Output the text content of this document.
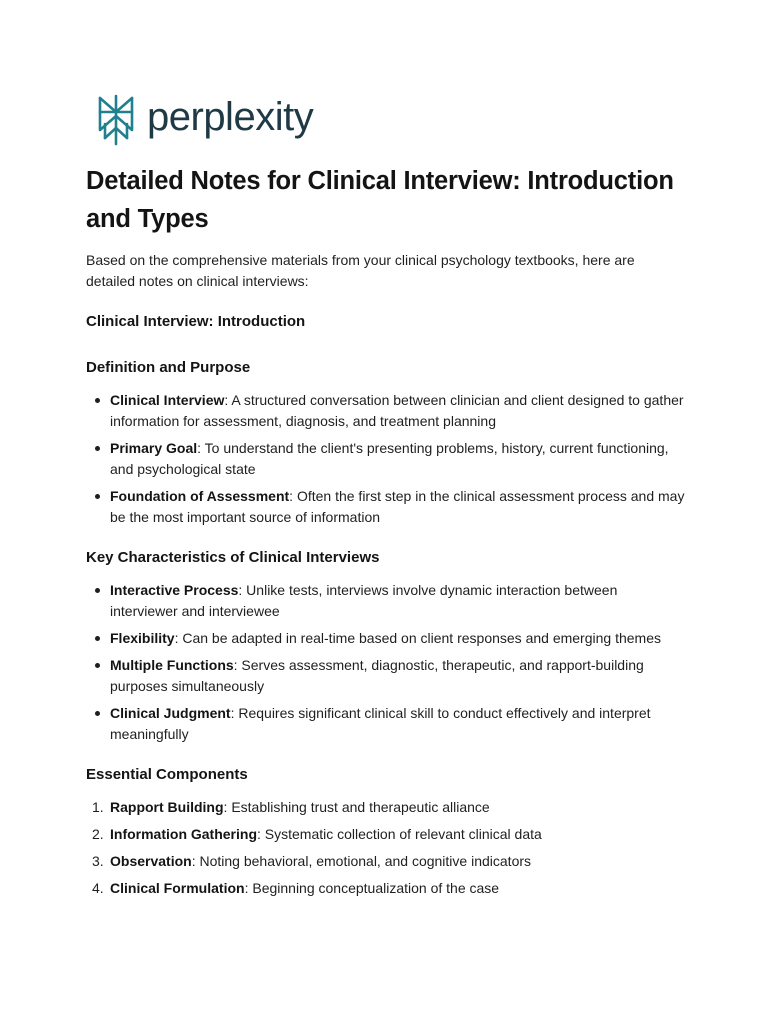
perplexity
Detailed Notes for Clinical Interview: Introduction and Types

Based on the comprehensive materials from your clinical psychology textbooks, here are detailed notes on clinical interviews:

Clinical Interview: Introduction
Definition and Purpose
Clinical Interview: A structured conversation between clinician and client designed to gather information for assessment, diagnosis, and treatment planning
Primary Goal: To understand the client's presenting problems, history, current functioning, and psychological state
Foundation of Assessment: Often the first step in the clinical assessment process and may be the most important source of information
Key Characteristics of Clinical Interviews
Interactive Process: Unlike tests, interviews involve dynamic interaction between interviewer and interviewee
Flexibility: Can be adapted in real-time based on client responses and emerging themes
Multiple Functions: Serves assessment, diagnostic, therapeutic, and rapport-building purposes simultaneously
Clinical Judgment: Requires significant clinical skill to conduct effectively and interpret meaningfully
Essential Components
1. Rapport Building: Establishing trust and therapeutic alliance
2. Information Gathering: Systematic collection of relevant clinical data
3. Observation: Noting behavioral, emotional, and cognitive indicators
4. Clinical Formulation: Beginning conceptualization of the case
